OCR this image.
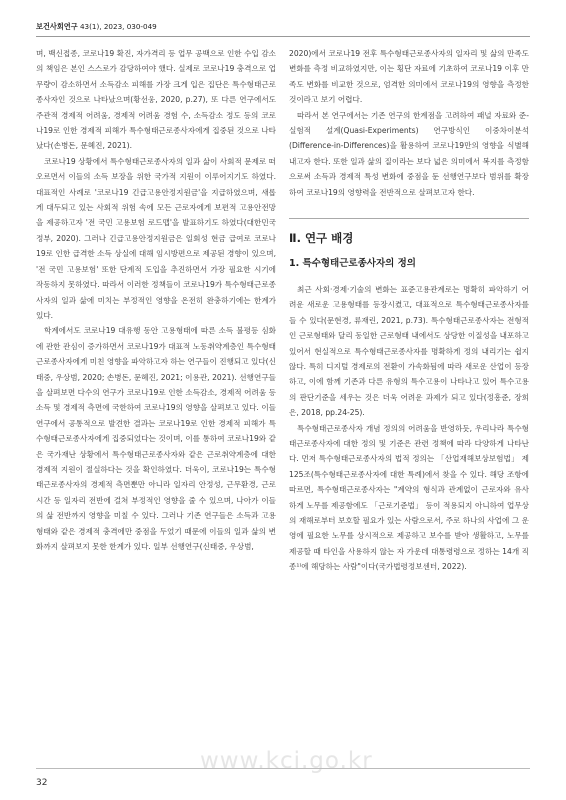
보건사회연구 43(1), 2023, 030-049

며, 백신접종, 코로나19 확진, 자가격리 등 업무 공백으로 인한 수입 감소의 책임은 본인 스스로가 감당하여야 했다. 실제로 코로나19 충격으로 업무량이 감소하면서 소득감소 피해를 가장 크게 입은 집단은 특수형태근로종사자인 것으로 나타났으며(황선웅, 2020, p.27), 또 다른 연구에서도 주관적 경제적 어려움, 경제적 어려움 경험 수, 소득감소 정도 등의 코로나19로 인한 경제적 피해가 특수형태근로종사자에게 집중된 것으로 나타났다(손병돈, 문혜진, 2021).

코로나19 상황에서 특수형태근로종사자의 일과 삶이 사회적 문제로 떠오르면서 이들의 소득 보장을 위한 국가적 지원이 이루어지기도 하였다. 대표적인 사례로 '코로나19 긴급고용안정지원금'을 지급하였으며, 새롭게 대두되고 있는 사회적 위험 속에 모든 근로자에게 보편적 고용안전망을 제공하고자 '전 국민 고용보험 로드맵'을 발표하기도 하였다(대한민국 정부, 2020). 그러나 긴급고용안정지원금은 일회성 현금 급여로 코로나19로 인한 급격한 소득 상실에 대해 임시방편으로 제공된 경향이 있으며, '전 국민 고용보험' 또한 단계적 도입을 추진하면서 가장 필요한 시기에 작동하지 못하였다. 따라서 이러한 정책들이 코로나19가 특수형태근로종사자의 일과 삶에 미치는 부정적인 영향을 온전히 완충하기에는 한계가 있다.

학계에서도 코로나19 대유행 동안 고용형태에 따른 소득 불평등 심화에 관한 관심이 증가하면서 코로나19가 대표적 노동취약계층인 특수형태근로종사자에게 미친 영향을 파악하고자 하는 연구들이 진행되고 있다(신태중, 우상범, 2020; 손병돈, 문혜진, 2021; 이용관, 2021). 선행연구들을 살펴보면 다수의 연구가 코로나19로 인한 소득감소, 경제적 어려움 등 소득 및 경제적 측면에 국한하여 코로나19의 영향을 살펴보고 있다. 이들 연구에서 공통적으로 발견한 결과는 코로나19로 인한 경제적 피해가 특수형태근로종사자에게 집중되었다는 것이며, 이를 통하여 코로나19와 같은 국가재난 상황에서 특수형태근로종사자와 같은 근로취약계층에 대한 경제적 지원이 절실하다는 것을 확인하였다. 더욱이, 코로나19는 특수형태근로종사자의 경제적 측면뿐만 아니라 일자리 안정성, 근무환경, 근로시간 등 일자리 전반에 걸쳐 부정적인 영향을 줄 수 있으며, 나아가 이들의 삶 전반까지 영향을 미칠 수 있다. 그러나 기존 연구들은 소득과 고용형태와 같은 경제적 충격에만 중점을 두었기 때문에 이들의 일과 삶의 변화까지 살펴보지 못한 한계가 있다. 일부 선행연구(신태중, 우상범,

2020)에서 코로나19 전후 특수형태근로종사자의 일자리 및 삶의 만족도 변화를 측정 비교하였지만, 이는 횡단 자료에 기초하여 코로나19 이후 만족도 변화를 비교한 것으로, 엄격한 의미에서 코로나19의 영향을 측정한 것이라고 보기 어렵다.

따라서 본 연구에서는 기존 연구의 한계점을 고려하여 패널 자료와 준-실험적 설계(Quasi-Experiments) 연구방식인 이중차이분석(Difference-in-Differences)을 활용하여 코로나19만의 영향을 식별해내고자 한다. 또한 일과 삶의 질이라는 보다 넓은 의미에서 복지를 측정함으로써 소득과 경제적 특성 변화에 중점을 둔 선행연구보다 범위를 확장하여 코로나19의 영향력을 전반적으로 살펴보고자 한다.

Ⅱ. 연구 배경
1. 특수형태근로종사자의 정의

최근 사회·경제·기술의 변화는 표준고용관계로는 명확히 파악하기 어려운 새로운 고용형태를 등장시켰고, 대표적으로 특수형태근로종사자를 들 수 있다(문현경, 류재린, 2021, p.73). 특수형태근로종사자는 전형적인 근로형태와 달리 동일한 근로형태 내에서도 상당한 이질성을 내포하고 있어서 현실적으로 특수형태근로종사자를 명확하게 정의 내리기는 쉽지 않다. 특히 디지털 경제로의 전환이 가속화됨에 따라 새로운 산업이 등장하고, 이에 함께 기존과 다른 유형의 특수고용이 나타나고 있어 특수고용의 판단기준을 세우는 것은 더욱 어려운 과제가 되고 있다(정흥준, 장희은, 2018, pp.24-25).

특수형태근로종사자 개념 정의의 어려움을 반영하듯, 우리나라 특수형태근로종사자에 대한 정의 및 기준은 관련 정책에 따라 다양하게 나타난다. 먼저 특수형태근로종사자의 법적 정의는 「산업재해보상보험법」 제125조(특수형태근로종사자에 대한 특례)에서 찾을 수 있다. 해당 조항에 따르면, 특수형태근로종사자는 "계약의 형식과 관계없이 근로자와 유사하게 노무를 제공함에도 「근로기준법」 등이 적용되지 아니하여 업무상의 재해로부터 보호할 필요가 있는 사람으로서, 주로 하나의 사업에 그 운영에 필요한 노무를 상시적으로 제공하고 보수를 받아 생활하고, 노무를 제공할 때 타인을 사용하지 않는 자 가운데 대통령령으로 정하는 14개 직종¹⁾에 해당하는 사람"이다(국가법령정보센터, 2022).

www.kci.go.kr
32
